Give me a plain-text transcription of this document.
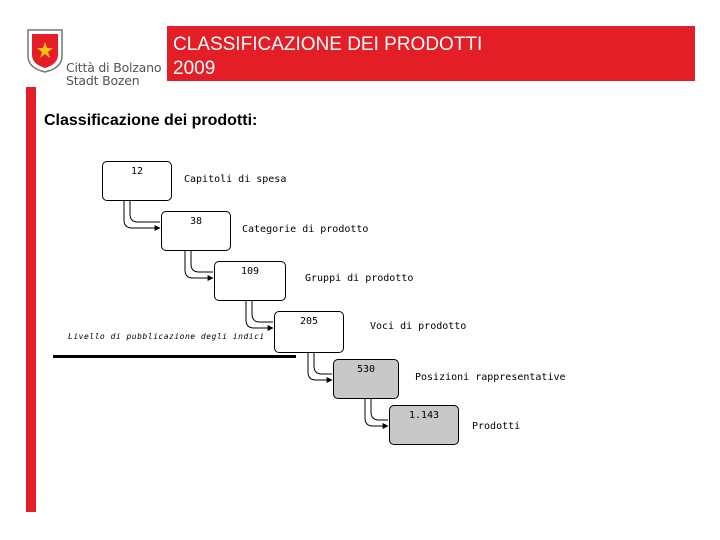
CLASSIFICAZIONE DEI PRODOTTI
2009
Città di Bolzano
Stadt Bozen
Classificazione dei prodotti:
12
Capitoli di spesa
38
Categorie di prodotto
109
Gruppi di prodotto
205	Voci di prodotto
530
Posizioni rappresentative
1.143
Prodotti
Livello di pubblicazione degli indici
